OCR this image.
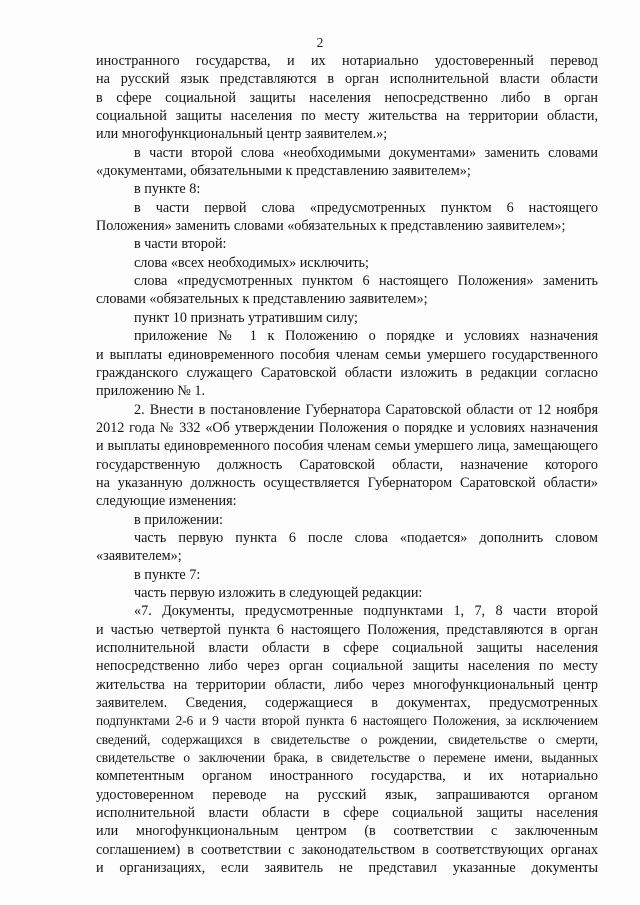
2
иностранного государства, и их нотариально удостоверенный перевод
на русский язык представляются в орган исполнительной власти области
в сфере социальной защиты населения непосредственно либо в орган
социальной защиты населения по месту жительства на территории области,
или многофункциональный центр заявителем.»;
в части второй слова «необходимыми документами» заменить словами
«документами, обязательными к представлению заявителем»;
в пункте 8:
в части первой слова «предусмотренных пунктом 6 настоящего
Положения» заменить словами «обязательных к представлению заявителем»;
в части второй:
слова «всех необходимых» исключить;
слова «предусмотренных пунктом 6 настоящего Положения» заменить
словами «обязательных к представлению заявителем»;
пункт 10 признать утратившим силу;
приложение № 1 к Положению о порядке и условиях назначения
и выплаты единовременного пособия членам семьи умершего государственного
гражданского служащего Саратовской области изложить в редакции согласно
приложению № 1.
2. Внести в постановление Губернатора Саратовской области от 12 ноября
2012 года № 332 «Об утверждении Положения о порядке и условиях назначения
и выплаты единовременного пособия членам семьи умершего лица, замещающего
государственную должность Саратовской области, назначение которого
на указанную должность осуществляется Губернатором Саратовской области»
следующие изменения:
в приложении:
часть первую пункта 6 после слова «подается» дополнить словом
«заявителем»;
в пункте 7:
часть первую изложить в следующей редакции:
«7. Документы, предусмотренные подпунктами 1, 7, 8 части второй
и частью четвертой пункта 6 настоящего Положения, представляются в орган
исполнительной власти области в сфере социальной защиты населения
непосредственно либо через орган социальной защиты населения по месту
жительства на территории области, либо через многофункциональный центр
заявителем. Сведения, содержащиеся в документах, предусмотренных
подпунктами 2-6 и 9 части второй пункта 6 настоящего Положения, за исключением
сведений, содержащихся в свидетельстве о рождении, свидетельстве о смерти,
свидетельстве о заключении брака, в свидетельстве о перемене имени, выданных
компетентным органом иностранного государства, и их нотариально
удостоверенном переводе на русский язык, запрашиваются органом
исполнительной власти области в сфере социальной защиты населения
или многофункциональным центром (в соответствии с заключенным
соглашением) в соответствии с законодательством в соответствующих органах
и организациях, если заявитель не представил указанные документы
